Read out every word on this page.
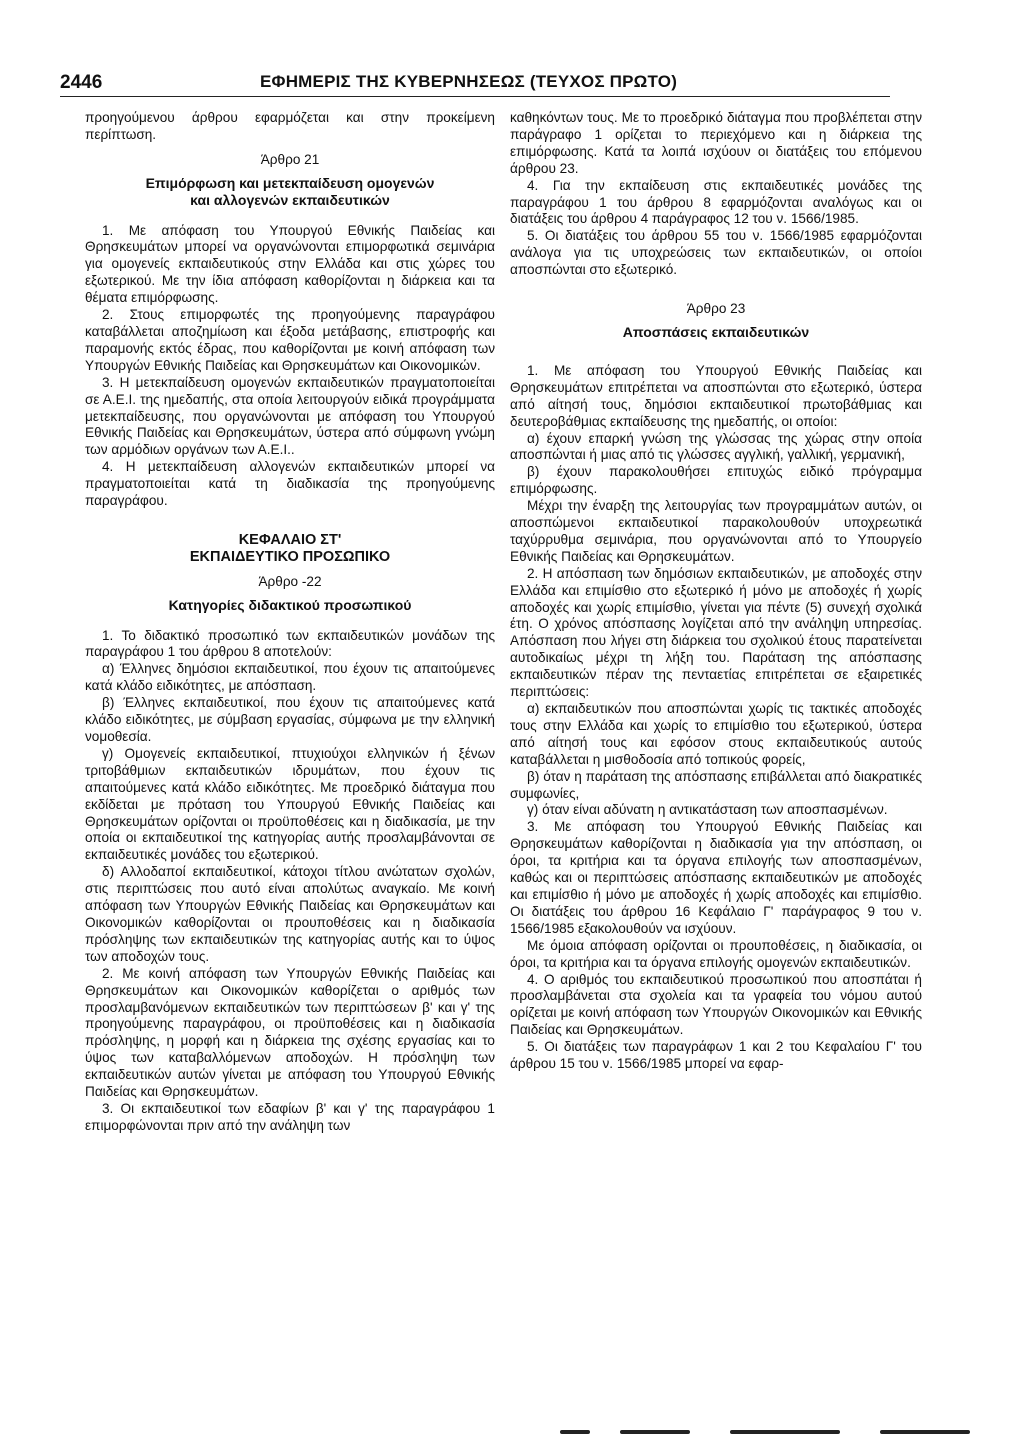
2446	ΕΦΗΜΕΡΙΣ ΤΗΣ ΚΥΒΕΡΝΗΣΕΩΣ (ΤΕΥΧΟΣ ΠΡΩΤΟ)

προηγούμενου άρθρου εφαρμόζεται και στην προκείμενη περίπτωση.

Άρθρο 21

Επιμόρφωση και μετεκπαίδευση ομογενών

και αλλογενών εκπαιδευτικών

1. Με απόφαση του Υπουργού Εθνικής Παιδείας και Θρησκευμάτων μπορεί να οργανώνονται επιμορφωτικά σεμινάρια για ομογενείς εκπαιδευτικούς στην Ελλάδα και στις χώρες του εξωτερικού. Με την ίδια απόφαση καθορίζονται η διάρκεια και τα θέματα επιμόρφωσης.

2. Στους επιμορφωτές της προηγούμενης παραγράφου καταβάλλεται αποζημίωση και έξοδα μετάβασης, επιστροφής και παραμονής εκτός έδρας, που καθορίζονται με κοινή απόφαση των Υπουργών Εθνικής Παιδείας και Θρησκευμάτων και Οικονομικών.

3. Η μετεκπαίδευση ομογενών εκπαιδευτικών πραγματοποιείται σε Α.Ε.Ι. της ημεδαπής, στα οποία λειτουργούν ειδικά προγράμματα μετεκπαίδευσης, που οργανώνονται με απόφαση του Υπουργού Εθνικής Παιδείας και Θρησκευμάτων, ύστερα από σύμφωνη γνώμη των αρμόδιων οργάνων των Α.Ε.Ι..

4. Η μετεκπαίδευση αλλογενών εκπαιδευτικών μπορεί να πραγματοποιείται κατά τη διαδικασία της προηγούμενης παραγράφου.

ΚΕΦΑΛΑΙΟ ΣΤ'

ΕΚΠΑΙΔΕΥΤΙΚΟ ΠΡΟΣΩΠΙΚΟ

Άρθρο -22

Κατηγορίες διδακτικού προσωπικού

1. Το διδακτικό προσωπικό των εκπαιδευτικών μονάδων της παραγράφου 1 του άρθρου 8 αποτελούν:

α) Έλληνες δημόσιοι εκπαιδευτικοί, που έχουν τις απαιτούμενες κατά κλάδο ειδικότητες, με απόσπαση.

β) Έλληνες εκπαιδευτικοί, που έχουν τις απαιτούμενες κατά κλάδο ειδικότητες, με σύμβαση εργασίας, σύμφωνα με την ελληνική νομοθεσία.

γ) Ομογενείς εκπαιδευτικοί, πτυχιούχοι ελληνικών ή ξένων τριτοβάθμιων εκπαιδευτικών ιδρυμάτων, που έχουν τις απαιτούμενες κατά κλάδο ειδικότητες. Με προεδρικό διάταγμα που εκδίδεται με πρόταση του Υπουργού Εθνικής Παιδείας και Θρησκευμάτων ορίζονται οι προϋποθέσεις και η διαδικασία, με την οποία οι εκπαιδευτικοί της κατηγορίας αυτής προσλαμβάνονται σε εκπαιδευτικές μονάδες του εξωτερικού.

δ) Αλλοδαποί εκπαιδευτικοί, κάτοχοι τίτλου ανώτατων σχολών, στις περιπτώσεις που αυτό είναι απολύτως αναγκαίο. Με κοινή απόφαση των Υπουργών Εθνικής Παιδείας και Θρησκευμάτων και Οικονομικών καθορίζονται οι προυποθέσεις και η διαδικασία πρόσληψης των εκπαιδευτικών της κατηγορίας αυτής και το ύψος των αποδοχών τους.

2. Με κοινή απόφαση των Υπουργών Εθνικής Παιδείας και Θρησκευμάτων και Οικονομικών καθορίζεται ο αριθμός των προσλαμβανόμενων εκπαιδευτικών των περιπτώσεων β' και γ' της προηγούμενης παραγράφου, οι προϋποθέσεις και η διαδικασία πρόσληψης, η μορφή και η διάρκεια της σχέσης εργασίας και το ύψος των καταβαλλόμενων αποδοχών. Η πρόσληψη των εκπαιδευτικών αυτών γίνεται με απόφαση του Υπουργού Εθνικής Παιδείας και Θρησκευμάτων.

3. Οι εκπαιδευτικοί των εδαφίων β' και γ' της παραγράφου 1 επιμορφώνονται πριν από την ανάληψη των

καθηκόντων τους. Με το προεδρικό διάταγμα που προβλέπεται στην παράγραφο 1 ορίζεται το περιεχόμενο και η διάρκεια της επιμόρφωσης. Κατά τα λοιπά ισχύουν οι διατάξεις του επόμενου άρθρου 23.

4. Για την εκπαίδευση στις εκπαιδευτικές μονάδες της παραγράφου 1 του άρθρου 8 εφαρμόζονται αναλόγως και οι διατάξεις του άρθρου 4 παράγραφος 12 του ν. 1566/1985.

5. Οι διατάξεις του άρθρου 55 του ν. 1566/1985 εφαρμόζονται ανάλογα για τις υποχρεώσεις των εκπαιδευτικών, οι οποίοι αποσπώνται στο εξωτερικό.

Άρθρο 23

Αποσπάσεις εκπαιδευτικών

1. Με απόφαση του Υπουργού Εθνικής Παιδείας και Θρησκευμάτων επιτρέπεται να αποσπώνται στο εξωτερικό, ύστερα από αίτησή τους, δημόσιοι εκπαιδευτικοί πρωτοβάθμιας και δευτεροβάθμιας εκπαίδευσης της ημεδαπής, οι οποίοι:

α) έχουν επαρκή γνώση της γλώσσας της χώρας στην οποία αποσπώνται ή μιας από τις γλώσσες αγγλική, γαλλική, γερμανική,

β) έχουν παρακολουθήσει επιτυχώς ειδικό πρόγραμμα επιμόρφωσης.

Μέχρι την έναρξη της λειτουργίας των προγραμμάτων αυτών, οι αποσπώμενοι εκπαιδευτικοί παρακολουθούν υποχρεωτικά ταχύρρυθμα σεμινάρια, που οργανώνονται από το Υπουργείο Εθνικής Παιδείας και Θρησκευμάτων.

2. Η απόσπαση των δημόσιων εκπαιδευτικών, με αποδοχές στην Ελλάδα και επιμίσθιο στο εξωτερικό ή μόνο με αποδοχές ή χωρίς αποδοχές και χωρίς επιμίσθιο, γίνεται για πέντε (5) συνεχή σχολικά έτη. Ο χρόνος απόσπασης λογίζεται από την ανάληψη υπηρεσίας. Απόσπαση που λήγει στη διάρκεια του σχολικού έτους παρατείνεται αυτοδικαίως μέχρι τη λήξη του. Παράταση της απόσπασης εκπαιδευτικών πέραν της πενταετίας επιτρέπεται σε εξαιρετικές περιπτώσεις:

α) εκπαιδευτικών που αποσπώνται χωρίς τις τακτικές αποδοχές τους στην Ελλάδα και χωρίς το επιμίσθιο του εξωτερικού, ύστερα από αίτησή τους και εφόσον στους εκπαιδευτικούς αυτούς καταβάλλεται η μισθοδοσία από τοπικούς φορείς,

β) όταν η παράταση της απόσπασης επιβάλλεται από διακρατικές συμφωνίες,

γ) όταν είναι αδύνατη η αντικατάσταση των αποσπασμένων.

3. Με απόφαση του Υπουργού Εθνικής Παιδείας και Θρησκευμάτων καθορίζονται η διαδικασία για την απόσπαση, οι όροι, τα κριτήρια και τα όργανα επιλογής των αποσπασμένων, καθώς και οι περιπτώσεις απόσπασης εκπαιδευτικών με αποδοχές και επιμίσθιο ή μόνο με αποδοχές ή χωρίς αποδοχές και επιμίσθιο. Οι διατάξεις του άρθρου 16 Κεφάλαιο Γ' παράγραφος 9 του ν. 1566/1985 εξακολουθούν να ισχύουν.

Με όμοια απόφαση ορίζονται οι προυποθέσεις, η διαδικασία, οι όροι, τα κριτήρια και τα όργανα επιλογής ομογενών εκπαιδευτικών.

4. Ο αριθμός του εκπαιδευτικού προσωπικού που αποσπάται ή προσλαμβάνεται στα σχολεία και τα γραφεία του νόμου αυτού ορίζεται με κοινή απόφαση των Υπουργών Οικονομικών και Εθνικής Παιδείας και Θρησκευμάτων.

5. Οι διατάξεις των παραγράφων 1 και 2 του Κεφαλαίου Γ' του άρθρου 15 του ν. 1566/1985 μπορεί να εφαρ-
